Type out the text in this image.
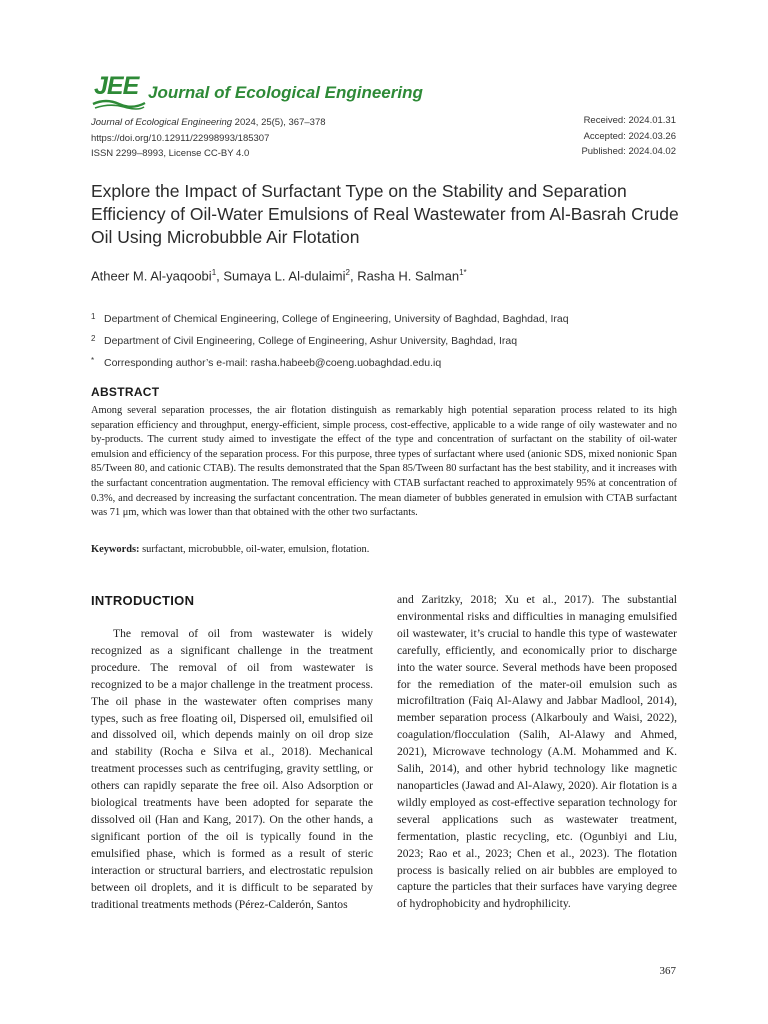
JEE Journal of Ecological Engineering
Journal of Ecological Engineering 2024, 25(5), 367–378
https://doi.org/10.12911/22998993/185307
ISSN 2299–8993, License CC-BY 4.0
Received: 2024.01.31
Accepted: 2024.03.26
Published: 2024.04.02
Explore the Impact of Surfactant Type on the Stability and Separation Efficiency of Oil-Water Emulsions of Real Wastewater from Al-Basrah Crude Oil Using Microbubble Air Flotation
Atheer M. Al-yaqoobi$^1$, Sumaya L. Al-dulaimi$^2$, Rasha H. Salman$^{1*}$
1 Department of Chemical Engineering, College of Engineering, University of Baghdad, Baghdad, Iraq
2 Department of Civil Engineering, College of Engineering, Ashur University, Baghdad, Iraq
* Corresponding author’s e-mail: rasha.habeeb@coeng.uobaghdad.edu.iq
ABSTRACT

Among several separation processes, the air flotation distinguish as remarkably high potential separation process related to its high separation efficiency and throughput, energy-efficient, simple process, cost-effective, applicable to a wide range of oily wastewater and no by-products. The current study aimed to investigate the effect of the type and concentration of surfactant on the stability of oil-water emulsion and efficiency of the separation process. For this purpose, three types of surfactant where used (anionic SDS, mixed nonionic Span 85/Tween 80, and cationic CTAB). The results demonstrated that the Span 85/Tween 80 surfactant has the best stability, and it increases with the surfactant concentration augmentation. The removal efficiency with CTAB surfactant reached to approximately 95% at concentration of 0.3%, and decreased by increasing the surfactant concentration. The mean diameter of bubbles generated in emulsion with CTAB surfactant was 71 μm, which was lower than that obtained with the other two surfactants.

Keywords: surfactant, microbubble, oil-water, emulsion, flotation.

INTRODUCTION

The removal of oil from wastewater is widely recognized as a significant challenge in the treatment procedure. The removal of oil from wastewater is recognized to be a major challenge in the treatment process. The oil phase in the wastewater often comprises many types, such as free floating oil, Dispersed oil, emulsified oil and dissolved oil, which depends mainly on oil drop size and stability (Rocha e Silva et al., 2018). Mechanical treatment processes such as centrifuging, gravity settling, or others can rapidly separate the free oil. Also Adsorption or biological treatments have been adopted for separate the dissolved oil (Han and Kang, 2017). On the other hands, a significant portion of the oil is typically found in the emulsified phase, which is formed as a result of steric interaction or structural barriers, and electrostatic repulsion between oil droplets, and it is difficult to be separated by traditional treatments methods (Pérez-Calderón, Santos

and Zaritzky, 2018; Xu et al., 2017). The substantial environmental risks and difficulties in managing emulsified oil wastewater, it’s crucial to handle this type of wastewater carefully, efficiently, and economically prior to discharge into the water source. Several methods have been proposed for the remediation of the mater-oil emulsion such as microfiltration (Faiq Al-Alawy and Jabbar Madlool, 2014), member separation process (Alkarbouly and Waisi, 2022), coagulation/flocculation (Salih, Al-Alawy and Ahmed, 2021), Microwave technology (A.M. Mohammed and K. Salih, 2014), and other hybrid technology like magnetic nanoparticles (Jawad and Al-Alawy, 2020). Air flotation is a wildly employed as cost-effective separation technology for several applications such as wastewater treatment, fermentation, plastic recycling, etc. (Ogunbiyi and Liu, 2023; Rao et al., 2023; Chen et al., 2023). The flotation process is basically relied on air bubbles are employed to capture the particles that their surfaces have varying degree of hydrophobicity and hydrophilicity.

367
